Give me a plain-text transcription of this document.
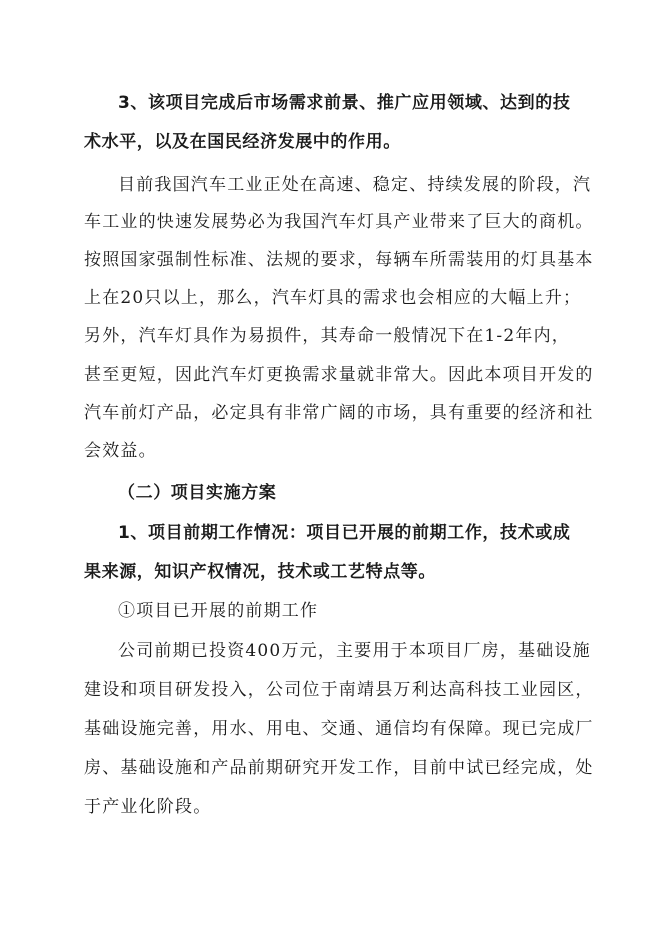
3、该项目完成后市场需求前景、推广应用领域、达到的技
术水平，以及在国民经济发展中的作用。
目前我国汽车工业正处在高速、稳定、持续发展的阶段，汽
车工业的快速发展势必为我国汽车灯具产业带来了巨大的商机。
按照国家强制性标准、法规的要求，每辆车所需装用的灯具基本
上在20只以上，那么，汽车灯具的需求也会相应的大幅上升；
另外，汽车灯具作为易损件，其寿命一般情况下在1-2年内，
甚至更短，因此汽车灯更换需求量就非常大。因此本项目开发的
汽车前灯产品，必定具有非常广阔的市场，具有重要的经济和社
会效益。
（二）项目实施方案
1、项目前期工作情况：项目已开展的前期工作，技术或成
果来源，知识产权情况，技术或工艺特点等。
①项目已开展的前期工作
公司前期已投资400万元，主要用于本项目厂房，基础设施
建设和项目研发投入，公司位于南靖县万利达高科技工业园区，
基础设施完善，用水、用电、交通、通信均有保障。现已完成厂
房、基础设施和产品前期研究开发工作，目前中试已经完成，处
于产业化阶段。
